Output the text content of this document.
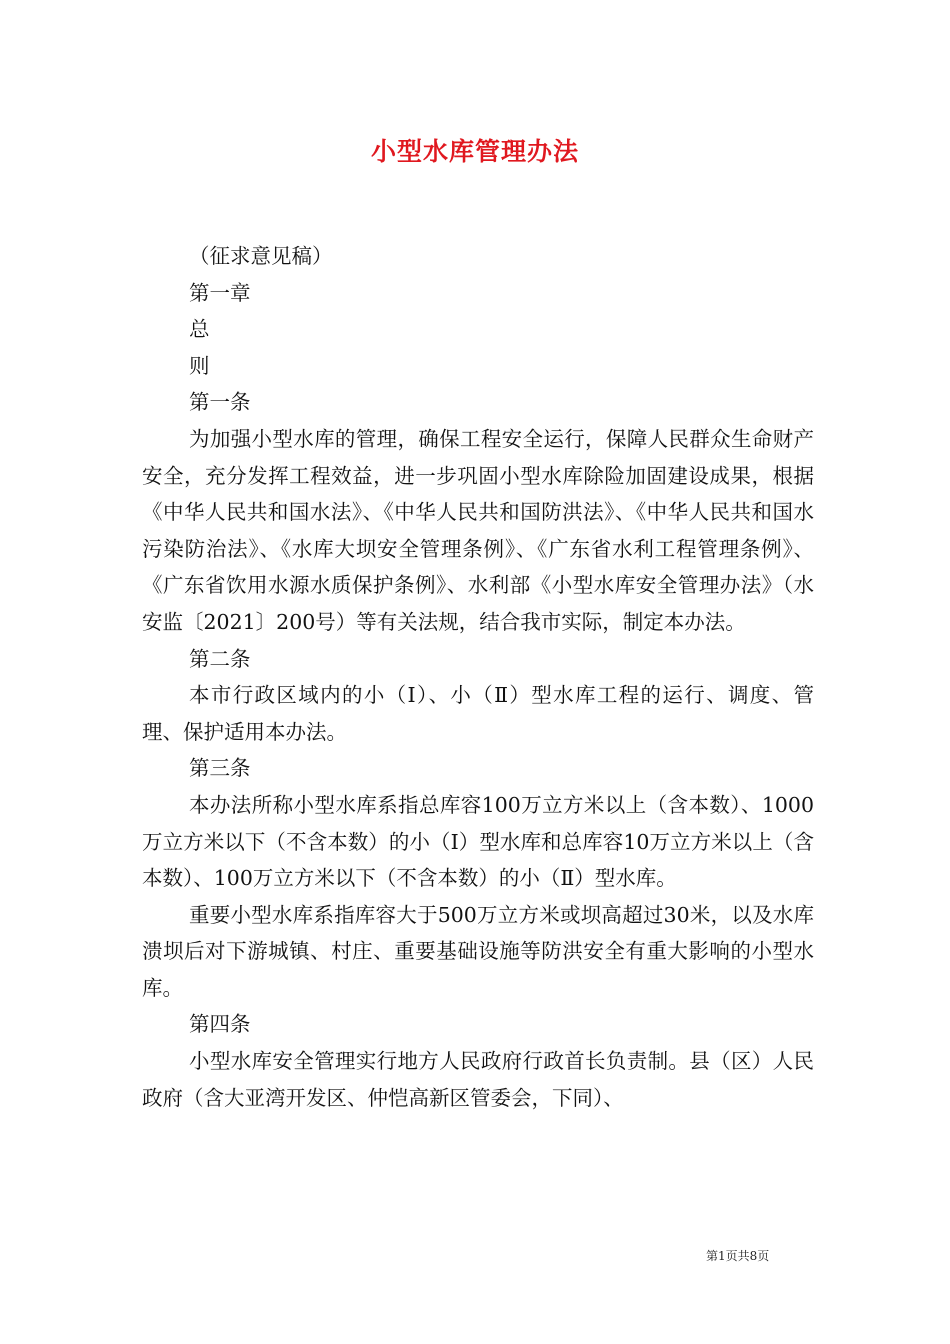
小型水库管理办法

（征求意见稿）

第一章

总

则

第一条

为加强小型水库的管理，确保工程安全运行，保障人民群众生命财产安全，充分发挥工程效益，进一步巩固小型水库除险加固建设成果，根据《中华人民共和国水法》、《中华人民共和国防洪法》、《中华人民共和国水污染防治法》、《水库大坝安全管理条例》、《广东省水利工程管理条例》、《广东省饮用水源水质保护条例》、水利部《小型水库安全管理办法》（水安监〔2021〕200号）等有关法规，结合我市实际，制定本办法。

第二条

本市行政区域内的小（Ⅰ）、小（Ⅱ）型水库工程的运行、调度、管理、保护适用本办法。

第三条

本办法所称小型水库系指总库容100万立方米以上（含本数）、1000万立方米以下（不含本数）的小（Ⅰ）型水库和总库容10万立方米以上（含本数）、100万立方米以下（不含本数）的小（Ⅱ）型水库。

重要小型水库系指库容大于500万立方米或坝高超过30米，以及水库溃坝后对下游城镇、村庄、重要基础设施等防洪安全有重大影响的小型水库。

第四条

小型水库安全管理实行地方人民政府行政首长负责制。县（区）人民政府（含大亚湾开发区、仲恺高新区管委会，下同）、

第1页共8页
